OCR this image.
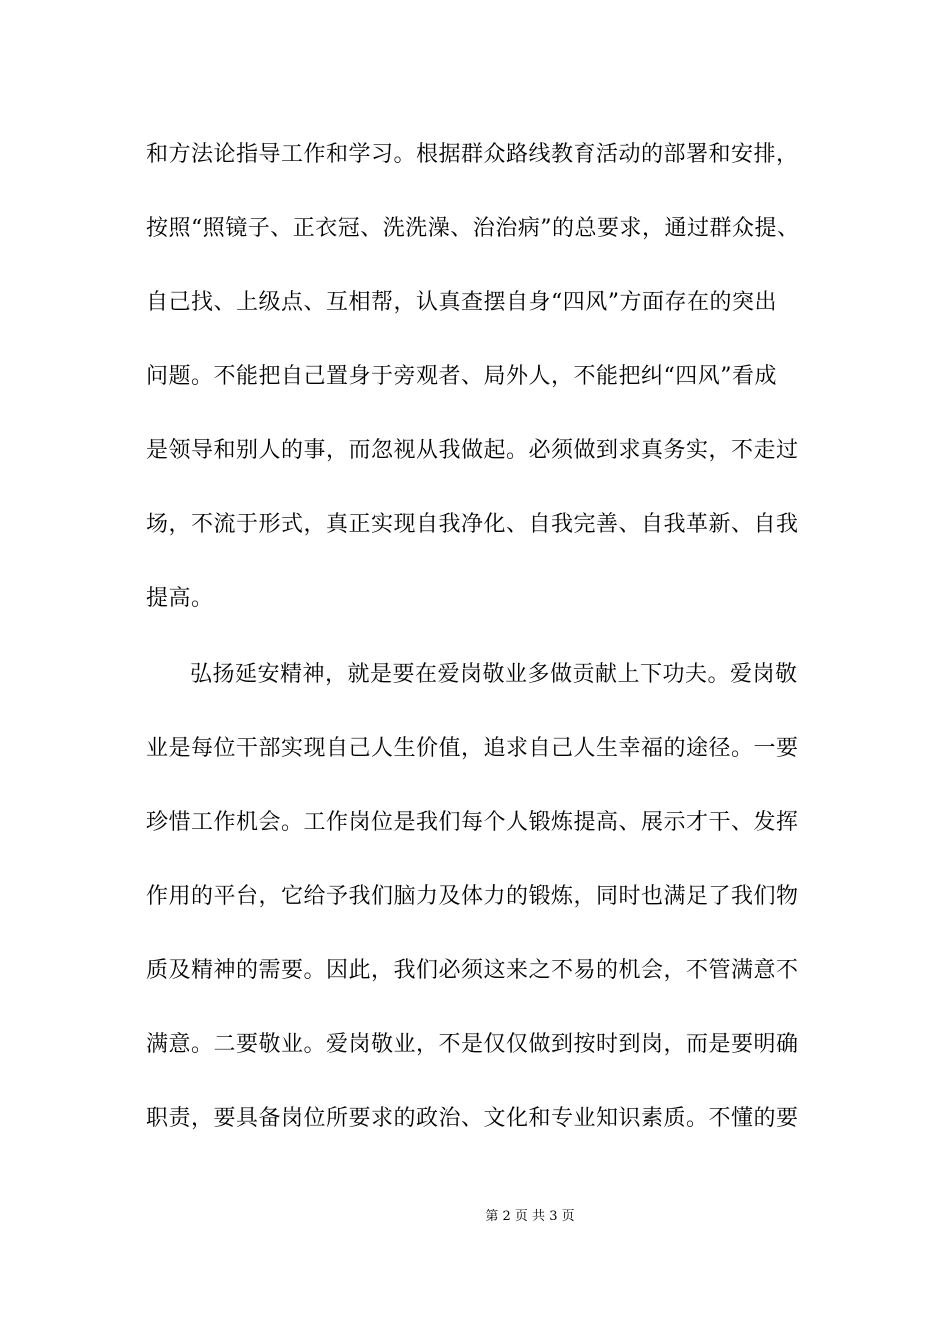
和方法论指导工作和学习。根据群众路线教育活动的部署和安排，
按照“照镜子、正衣冠、洗洗澡、治治病”的总要求，通过群众提、
自己找、上级点、互相帮，认真查摆自身“四风”方面存在的突出
问题。不能把自己置身于旁观者、局外人，不能把纠“四风”看成
是领导和别人的事，而忽视从我做起。必须做到求真务实，不走过
场，不流于形式，真正实现自我净化、自我完善、自我革新、自我
提高。
弘扬延安精神，就是要在爱岗敬业多做贡献上下功夫。爱岗敬
业是每位干部实现自己人生价值，追求自己人生幸福的途径。一要
珍惜工作机会。工作岗位是我们每个人锻炼提高、展示才干、发挥
作用的平台，它给予我们脑力及体力的锻炼，同时也满足了我们物
质及精神的需要。因此，我们必须这来之不易的机会，不管满意不
满意。二要敬业。爱岗敬业，不是仅仅做到按时到岗，而是要明确
职责，要具备岗位所要求的政治、文化和专业知识素质。不懂的要
第 2 页 共 3 页
